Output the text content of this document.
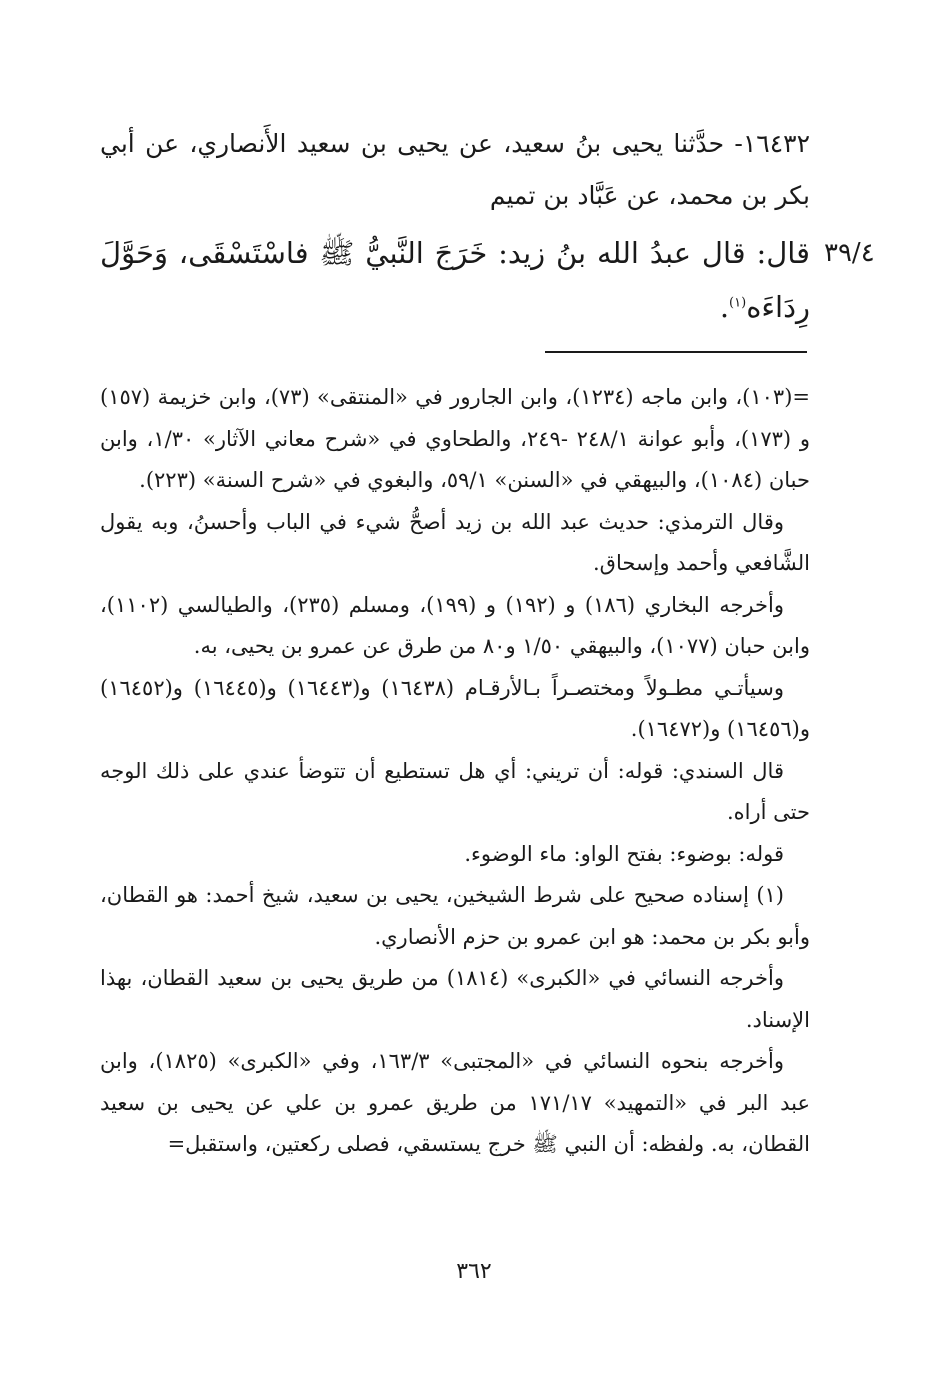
٣٩/٤
١٦٤٣٢- حدَّثنا يحيى بنُ سعيد، عن يحيى بن سعيد الأَنصاري، عن أبي بكر بن محمد، عن عَبَّاد بن تميم
قال: قال عبدُ الله بنُ زيد: خَرَجَ النَّبيُّ ﷺ فاسْتَسْقَى، وَحَوَّلَ رِدَاءَه$^{(١)}$.

=(١٠٣)، وابن ماجه (١٢٣٤)، وابن الجارور في «المنتقى» (٧٣)، وابن خزيمة (١٥٧) و (١٧٣)، وأبو عوانة ٢٤٨/١ -٢٤٩، والطحاوي في «شرح معاني الآثار» ١/٣٠، وابن حبان (١٠٨٤)، والبيهقي في «السنن» ٥٩/١، والبغوي في «شرح السنة» (٢٢٣).

وقال الترمذي: حديث عبد الله بن زيد أصحُّ شيء في الباب وأحسنُ، وبه يقول الشَّافعي وأحمد وإسحاق.

وأخرجه البخاري (١٨٦) و (١٩٢) و (١٩٩)، ومسلم (٢٣٥)، والطيالسي (١١٠٢)، وابن حبان (١٠٧٧)، والبيهقي ١/٥٠ و٨٠ من طرق عن عمرو بن يحيى، به.

وسيأتـي مطـولاً ومختصـراً بـالأرقـام (١٦٤٣٨) و(١٦٤٤٣) و(١٦٤٤٥) و(١٦٤٥٢) و(١٦٤٥٦) و(١٦٤٧٢).

قال السندي: قوله: أن تريني: أي هل تستطيع أن تتوضأ عندي على ذلك الوجه حتى أراه.

قوله: بوضوء: بفتح الواو: ماء الوضوء.

(١) إسناده صحيح على شرط الشيخين، يحيى بن سعيد، شيخ أحمد: هو القطان، وأبو بكر بن محمد: هو ابن عمرو بن حزم الأنصاري.

وأخرجه النسائي في «الكبرى» (١٨١٤) من طريق يحيى بن سعيد القطان، بهذا الإسناد.

وأخرجه بنحوه النسائي في «المجتبى» ١٦٣/٣، وفي «الكبرى» (١٨٢٥)، وابن عبد البر في «التمهيد» ١٧١/١٧ من طريق عمرو بن علي عن يحيى بن سعيد القطان، به. ولفظه: أن النبي ﷺ خرج يستسقي، فصلى ركعتين، واستقبل=

٣٦٢
